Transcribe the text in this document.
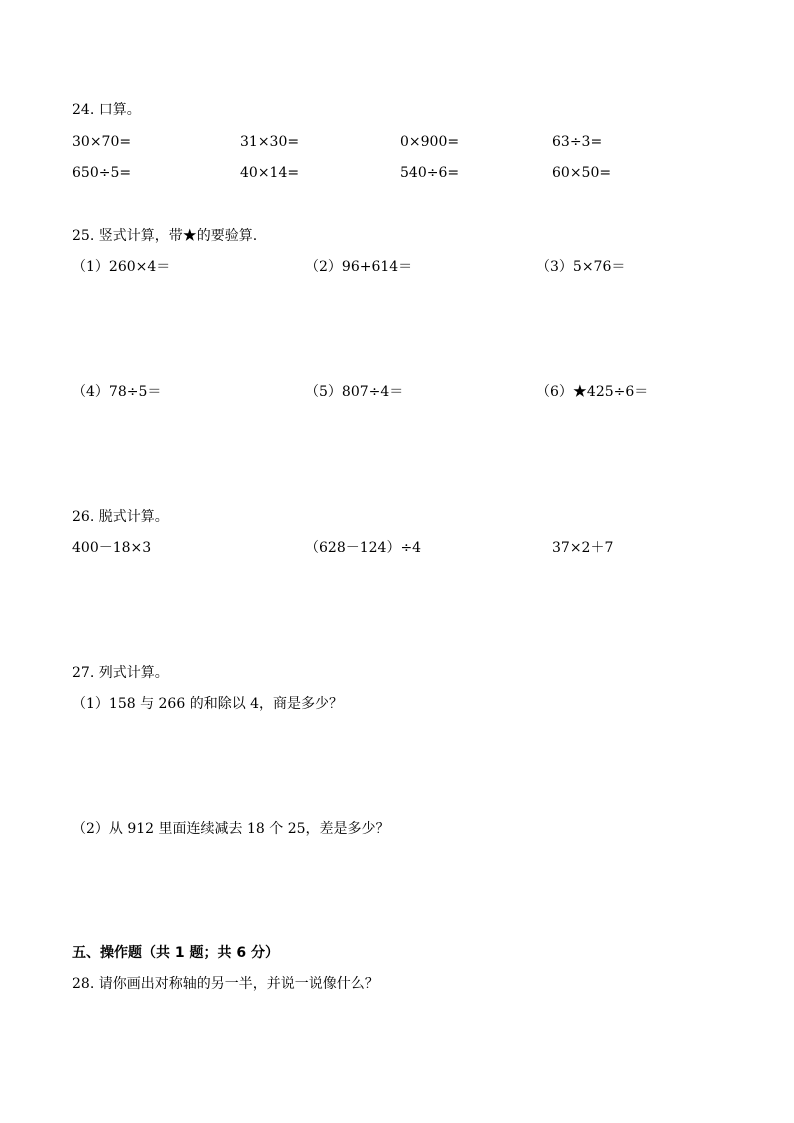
24. 口算。
30×70=	31×30=	0×900=	63÷3=
650÷5=	40×14=	540÷6=	60×50=
25. 竖式计算，带★的要验算.
（1）260×4＝	（2）96+614＝	（3）5×76＝
（4）78÷5＝	（5）807÷4＝	（6）★425÷6＝
26. 脱式计算。
400－18×3	（628－124）÷4	37×2＋7
27. 列式计算。
（1）158 与 266 的和除以 4，商是多少？
（2）从 912 里面连续减去 18 个 25，差是多少？
五、操作题（共 1 题；共 6 分）
28. 请你画出对称轴的另一半，并说一说像什么？
